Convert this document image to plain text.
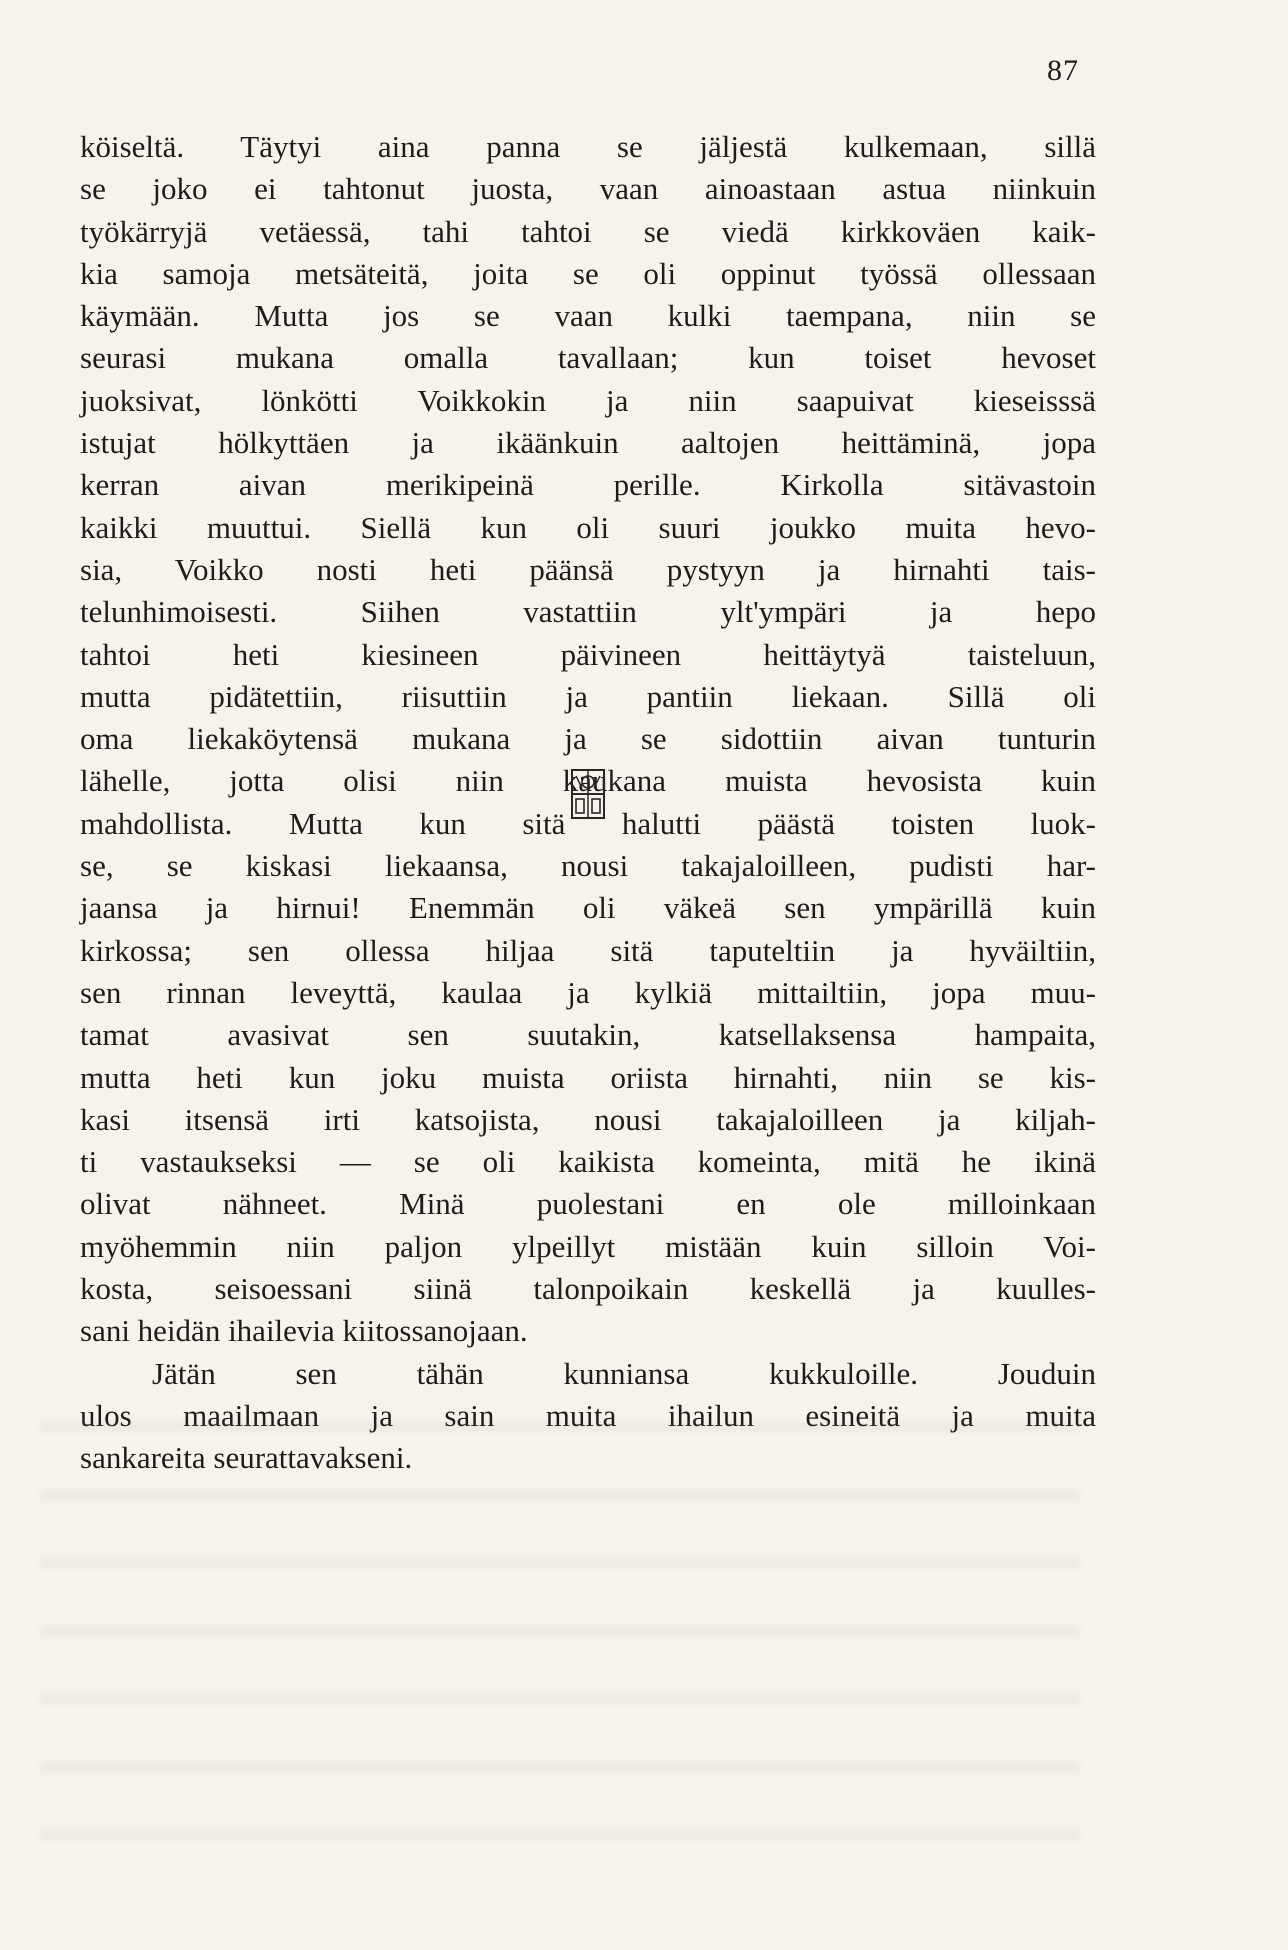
87
köiseltä. Täytyi aina panna se jäljestä kulkemaan, sillä
se joko ei tahtonut juosta, vaan ainoastaan astua niinkuin
työkärryjä vetäessä, tahi tahtoi se viedä kirkkoväen kaik-
kia samoja metsäteitä, joita se oli oppinut työssä ollessaan
käymään. Mutta jos se vaan kulki taempana, niin se
seurasi mukana omalla tavallaan; kun toiset hevoset
juoksivat, lönkötti Voikkokin ja niin saapuivat kieseisssä
istujat hölkyttäen ja ikäänkuin aaltojen heittäminä, jopa
kerran aivan merikipeinä perille. Kirkolla sitävastoin
kaikki muuttui. Siellä kun oli suuri joukko muita hevo-
sia, Voikko nosti heti päänsä pystyyn ja hirnahti tais-
telunhimoisesti. Siihen vastattiin ylt'ympäri ja hepo
tahtoi heti kiesineen päivineen heittäytyä taisteluun,
mutta pidätettiin, riisuttiin ja pantiin liekaan. Sillä oli
oma liekaköytensä mukana ja se sidottiin aivan tunturin
lähelle, jotta olisi niin kaukana muista hevosista kuin
mahdollista. Mutta kun sitä halutti päästä toisten luok-
se, se kiskasi liekaansa, nousi takajaloilleen, pudisti har-
jaansa ja hirnui! Enemmän oli väkeä sen ympärillä kuin
kirkossa; sen ollessa hiljaa sitä taputeltiin ja hyväiltiin,
sen rinnan leveyttä, kaulaa ja kylkiä mittailtiin, jopa muu-
tamat avasivat sen suutakin, katsellaksensa hampaita,
mutta heti kun joku muista oriista hirnahti, niin se kis-
kasi itsensä irti katsojista, nousi takajaloilleen ja kiljah-
ti vastaukseksi — se oli kaikista komeinta, mitä he ikinä
olivat nähneet. Minä puolestani en ole milloinkaan
myöhemmin niin paljon ylpeillyt mistään kuin silloin Voi-
kosta, seisoessani siinä talonpoikain keskellä ja kuulles-
sani heidän ihailevia kiitossanojaan.
Jätän sen tähän kunniansa kukkuloille. Jouduin
ulos maailmaan ja sain muita ihailun esineitä ja muita
sankareita seurattavakseni.
